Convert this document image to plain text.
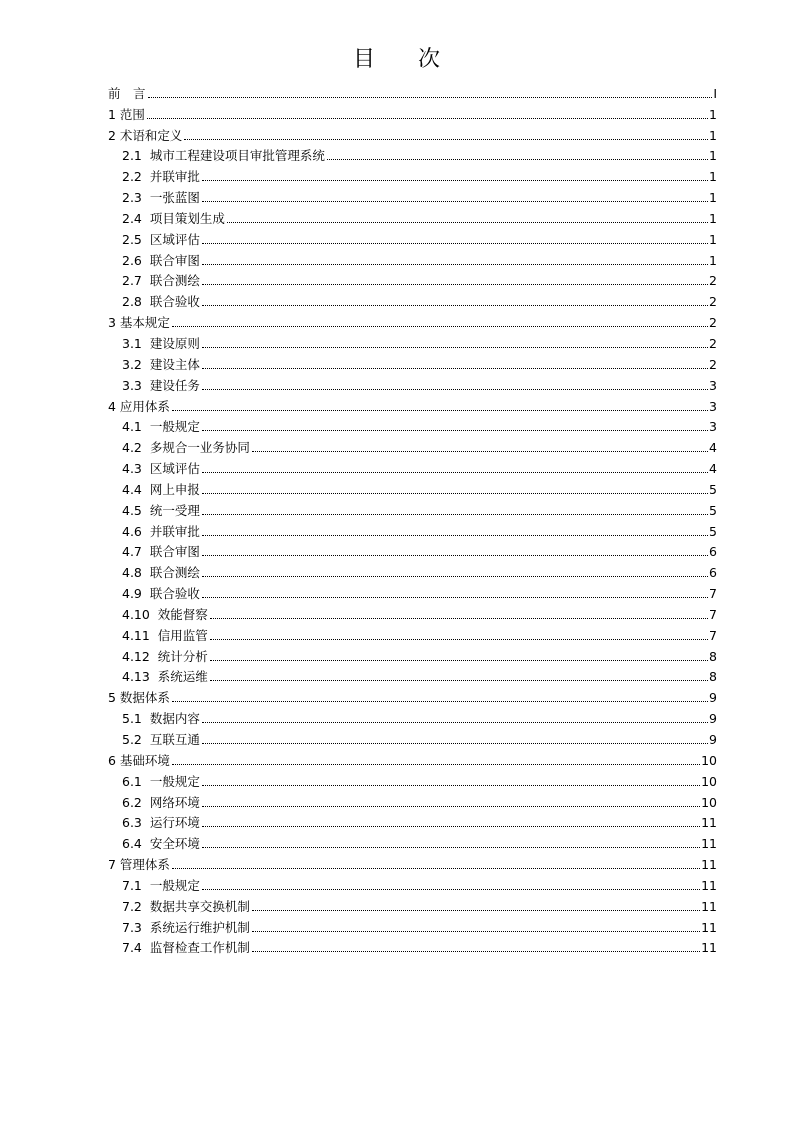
目 次
前　言	I
1 范围	1
2 术语和定义	1
2.1  城市工程建设项目审批管理系统	1
2.2  并联审批	1
2.3  一张蓝图	1
2.4  项目策划生成	1
2.5  区域评估	1
2.6  联合审图	1
2.7  联合测绘	2
2.8  联合验收	2
3 基本规定	2
3.1  建设原则	2
3.2  建设主体	2
3.3  建设任务	3
4 应用体系	3
4.1  一般规定	3
4.2  多规合一业务协同	4
4.3  区域评估	4
4.4  网上申报	5
4.5  统一受理	5
4.6  并联审批	5
4.7  联合审图	6
4.8  联合测绘	6
4.9  联合验收	7
4.10  效能督察	7
4.11  信用监管	7
4.12  统计分析	8
4.13  系统运维	8
5 数据体系	9
5.1  数据内容	9
5.2  互联互通	9
6 基础环境	10
6.1  一般规定	10
6.2  网络环境	10
6.3  运行环境	11
6.4  安全环境	11
7 管理体系	11
7.1  一般规定	11
7.2  数据共享交换机制	11
7.3  系统运行维护机制	11
7.4  监督检查工作机制	11
